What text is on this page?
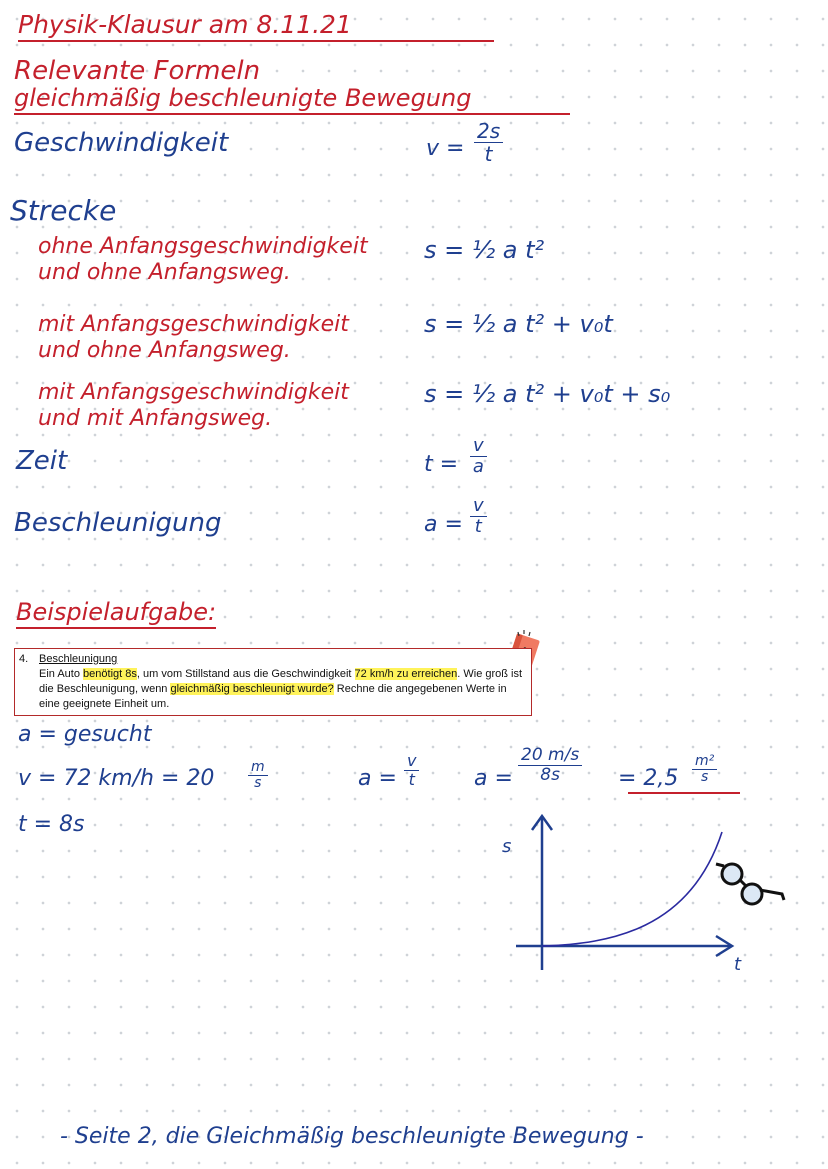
Physik-Klausur am 8.11.21
Relevante Formeln
gleichmäßig beschleunigte Bewegung
Geschwindigkeit	$v = \frac{2s}{t}$
Strecke
ohne Anfangsgeschwindigkeit
und ohne Anfangsweg.
s = ½ a t²
mit Anfangsgeschwindigkeit
und ohne Anfangsweg.
s = ½ a t² + v₀t
mit Anfangsgeschwindigkeit
und mit Anfangsweg.
s = ½ a t² + v₀t + s₀
Zeit	$t = \frac{v}{a}$
Beschleunigung	$a = \frac{v}{t}$
Beispielaufgabe:
4. Beschleunigung
Ein Auto benötigt 8s, um vom Stillstand aus die Geschwindigkeit 72 km/h zu erreichen. Wie groß ist die Beschleunigung, wenn gleichmäßig beschleunigt wurde? Rechne die angegebenen Werte in eine geeignete Einheit um.
a = gesucht
v = 72 $km/h = 20 \frac{m}{s}$
t = 8s
$a = \frac{v}{t}$ $a = \frac{20 m/s}{8s} = 2,5 \frac{\text{m²}}{s}$
s
t
- Seite 2, die Gleichmäßig beschleunigte Bewegung -
